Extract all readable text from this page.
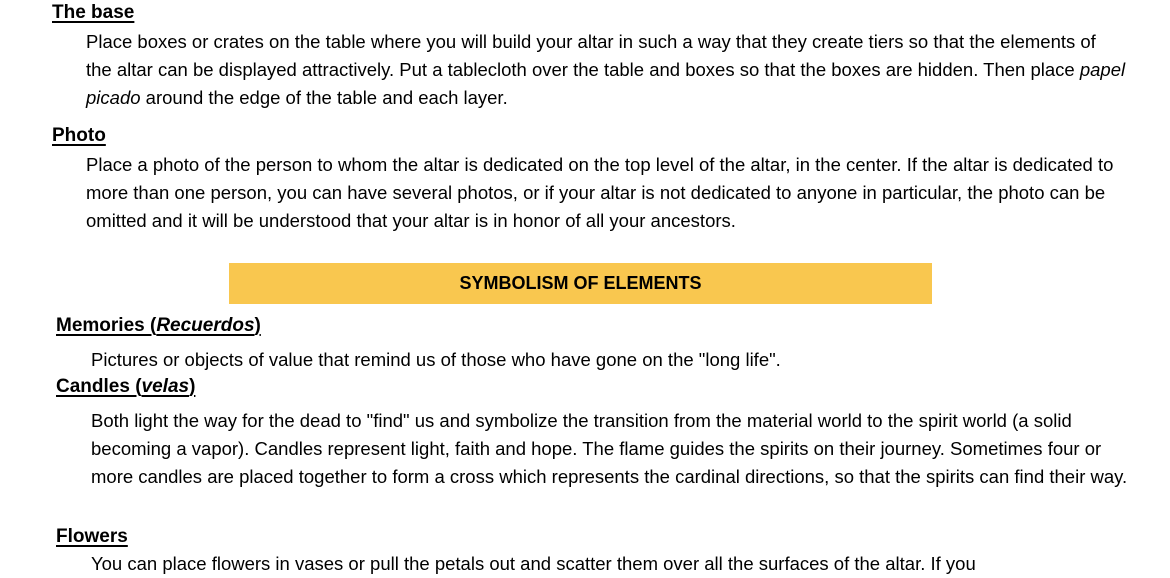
The base

Place boxes or crates on the table where you will build your altar in such a way that they create tiers so that the elements of the altar can be displayed attractively. Put a tablecloth over the table and boxes so that the boxes are hidden. Then place papel picado around the edge of the table and each layer.

Photo

Place a photo of the person to whom the altar is dedicated on the top level of the altar, in the center. If the altar is dedicated to more than one person, you can have several photos, or if your altar is not dedicated to anyone in particular, the photo can be omitted and it will be understood that your altar is in honor of all your ancestors.

SYMBOLISM OF ELEMENTS
Memories (Recuerdos)

Pictures or objects of value that remind us of those who have gone on the "long life".

Candles (velas)

Both light the way for the dead to "find" us and symbolize the transition from the material world to the spirit world (a solid becoming a vapor). Candles represent light, faith and hope. The flame guides the spirits on their journey. Sometimes four or more candles are placed together to form a cross which represents the cardinal directions, so that the spirits can find their way.

Flowers

You can place flowers in vases or pull the petals out and scatter them over all the surfaces of the altar. If you
